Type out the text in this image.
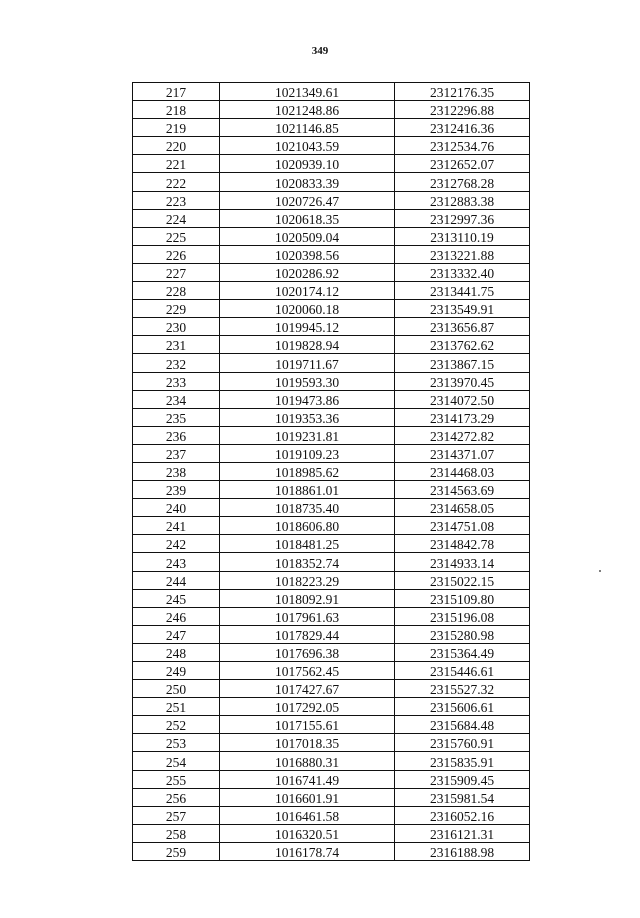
349
217	1021349.61	2312176.35
218	1021248.86	2312296.88
219	1021146.85	2312416.36
220	1021043.59	2312534.76
221	1020939.10	2312652.07
222	1020833.39	2312768.28
223	1020726.47	2312883.38
224	1020618.35	2312997.36
225	1020509.04	2313110.19
226	1020398.56	2313221.88
227	1020286.92	2313332.40
228	1020174.12	2313441.75
229	1020060.18	2313549.91
230	1019945.12	2313656.87
231	1019828.94	2313762.62
232	1019711.67	2313867.15
233	1019593.30	2313970.45
234	1019473.86	2314072.50
235	1019353.36	2314173.29
236	1019231.81	2314272.82
237	1019109.23	2314371.07
238	1018985.62	2314468.03
239	1018861.01	2314563.69
240	1018735.40	2314658.05
241	1018606.80	2314751.08
242	1018481.25	2314842.78
243	1018352.74	2314933.14
244	1018223.29	2315022.15
245	1018092.91	2315109.80
246	1017961.63	2315196.08
247	1017829.44	2315280.98
248	1017696.38	2315364.49
249	1017562.45	2315446.61
250	1017427.67	2315527.32
251	1017292.05	2315606.61
252	1017155.61	2315684.48
253	1017018.35	2315760.91
254	1016880.31	2315835.91
255	1016741.49	2315909.45
256	1016601.91	2315981.54
257	1016461.58	2316052.16
258	1016320.51	2316121.31
259	1016178.74	2316188.98
